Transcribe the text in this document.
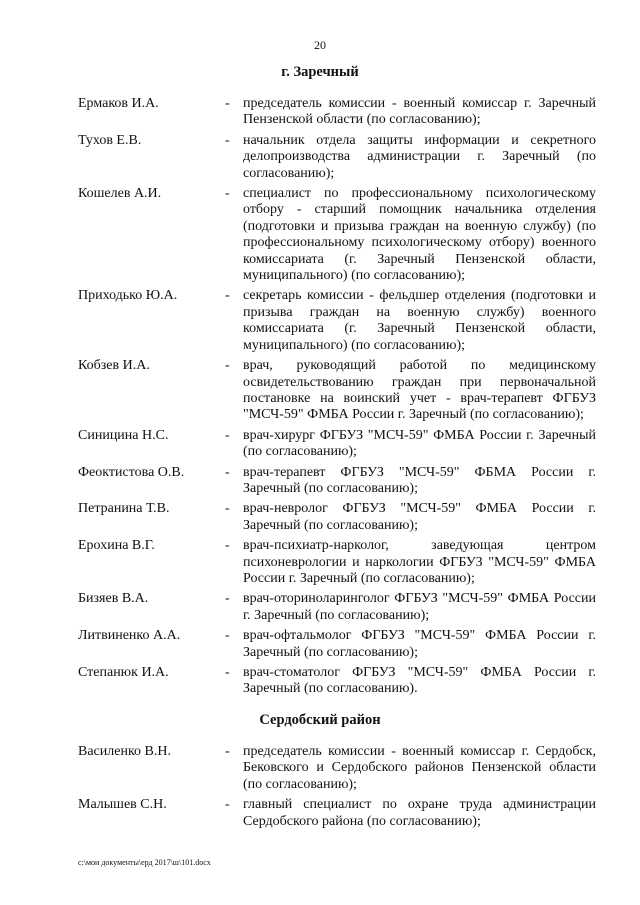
20
г. Заречный
Ермаков И.А.	- председатель комиссии - военный комиссар г. Заречный Пензенской области (по согласованию);
Тухов Е.В.	- начальник отдела защиты информации и секретного делопроизводства администрации г. Заречный (по согласованию);
Кошелев А.И.	- специалист по профессиональному психологическому отбору - старший помощник начальника отделения (подготовки и призыва граждан на военную службу) (по профессиональному психологическому отбору) военного комиссариата (г. Заречный Пензенской области, муниципального) (по согласованию);
Приходько Ю.А.	- секретарь комиссии - фельдшер отделения (подготовки и призыва граждан на военную службу) военного комиссариата (г. Заречный Пензенской области, муниципального) (по согласованию);
Кобзев И.А.	- врач, руководящий работой по медицинскому освидетельствованию граждан при первоначальной постановке на воинский учет - врач-терапевт ФГБУЗ "МСЧ-59" ФМБА России г. Заречный (по согласованию);
Синицина Н.С.	- врач-хирург ФГБУЗ "МСЧ-59" ФМБА России г. Заречный (по согласованию);
Феоктистова О.В.	- врач-терапевт ФГБУЗ "МСЧ-59" ФБМА России г. Заречный (по согласованию);
Петранина Т.В.	- врач-невролог ФГБУЗ "МСЧ-59" ФМБА России г. Заречный (по согласованию);
Ерохина В.Г.	- врач-психиатр-нарколог, заведующая центром психоневрологии и наркологии ФГБУЗ "МСЧ-59" ФМБА России г. Заречный (по согласованию);
Бизяев В.А.	- врач-оториноларинголог ФГБУЗ "МСЧ-59" ФМБА России г. Заречный (по согласованию);
Литвиненко А.А.	- врач-офтальмолог ФГБУЗ "МСЧ-59" ФМБА России г. Заречный (по согласованию);
Степанюк И.А.	- врач-стоматолог ФГБУЗ "МСЧ-59" ФМБА России г. Заречный (по согласованию).
Сердобский район
Василенко В.Н.	- председатель комиссии - военный комиссар г. Сердобск, Бековского и Сердобского районов Пензенской области (по согласованию);
Малышев С.Н.	- главный специалист по охране труда администрации Сердобского района (по согласованию);
c:\мои документы\ерд 2017\ш\101.docx
